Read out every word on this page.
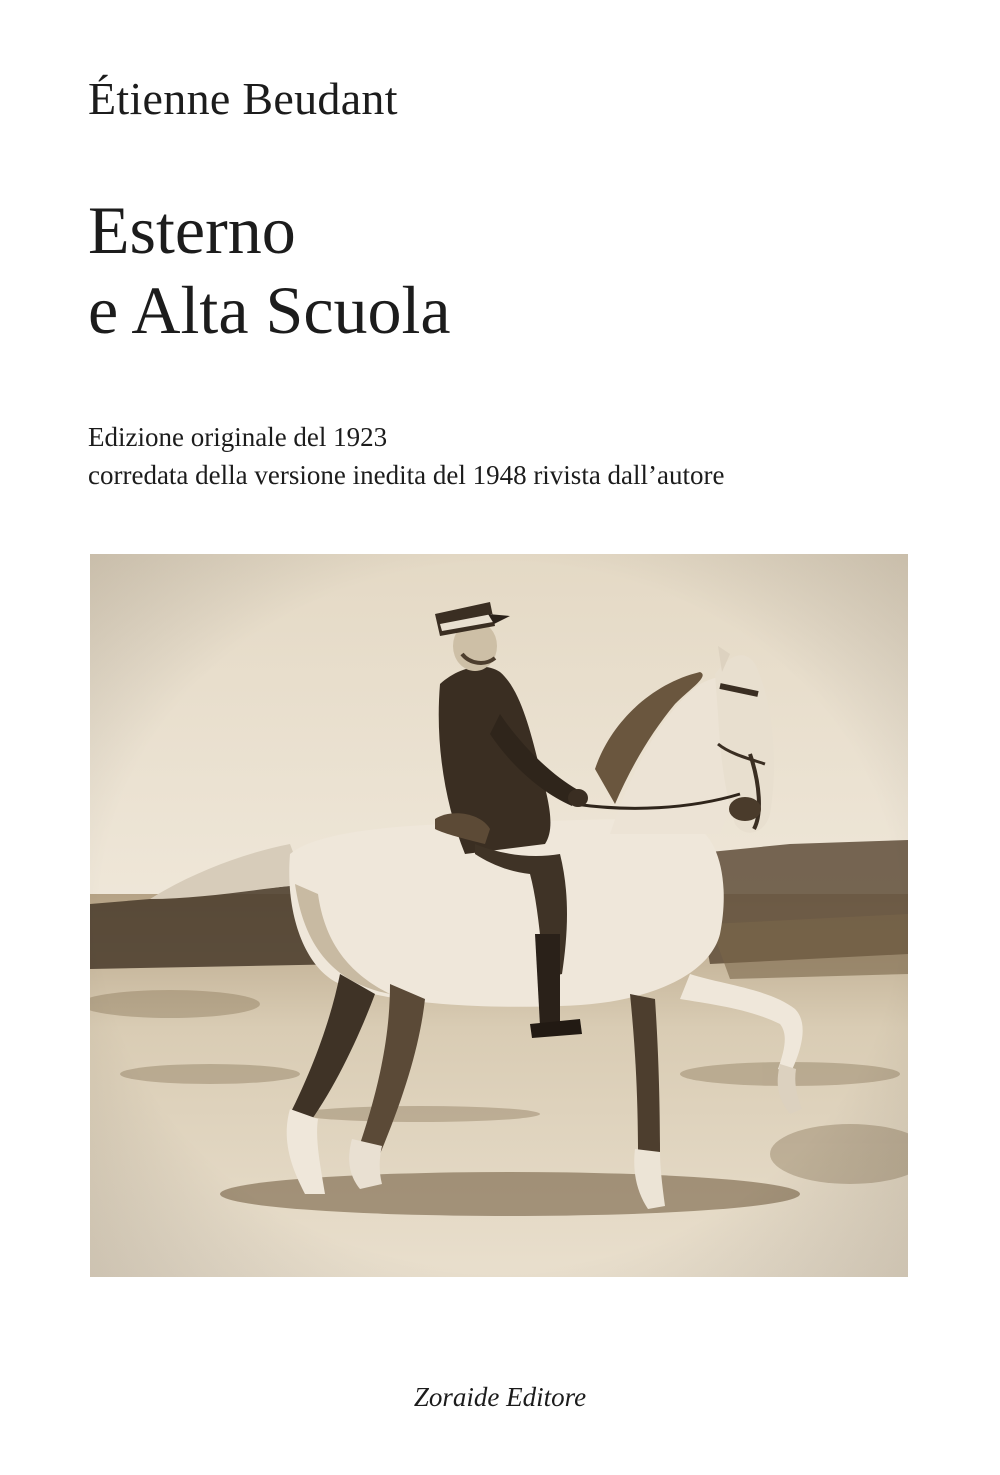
Étienne Beudant
Esterno
e Alta Scuola
Edizione originale del 1923
corredata della versione inedita del 1948 rivista dall’autore
Zoraide Editore
